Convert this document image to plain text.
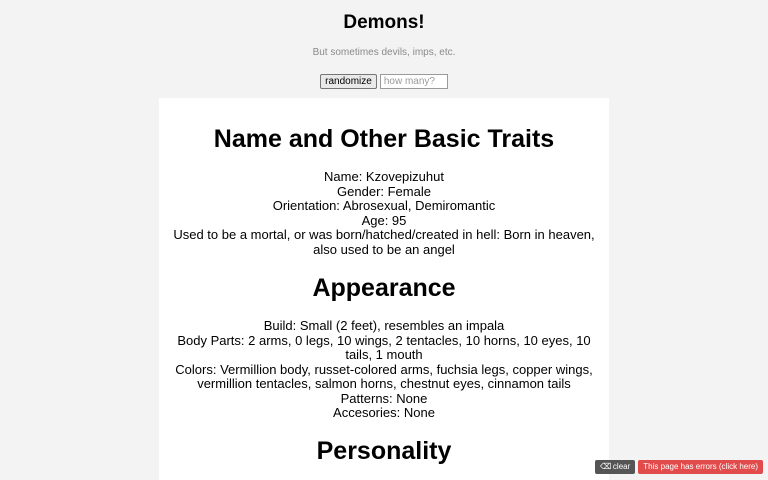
Demons!

But sometimes devils, imps, etc.

randomizehow many?
Name and Other Basic Traits
Name: Kzovepizuhut
Gender: Female
Orientation: Abrosexual, Demiromantic
Age: 95
Used to be a mortal, or was born/hatched/created in hell: Born in heaven, also used to be an angel
Appearance
Build: Small (2 feet), resembles an impala
Body Parts: 2 arms, 0 legs, 10 wings, 2 tentacles, 10 horns, 10 eyes, 10 tails, 1 mouth
Colors: Vermillion body, russet-colored arms, fuchsia legs, copper wings, vermillion tentacles, salmon horns, chestnut eyes, cinnamon tails
Patterns: None
Accesories: None
Personality
⌫ clear This page has errors (click here)
